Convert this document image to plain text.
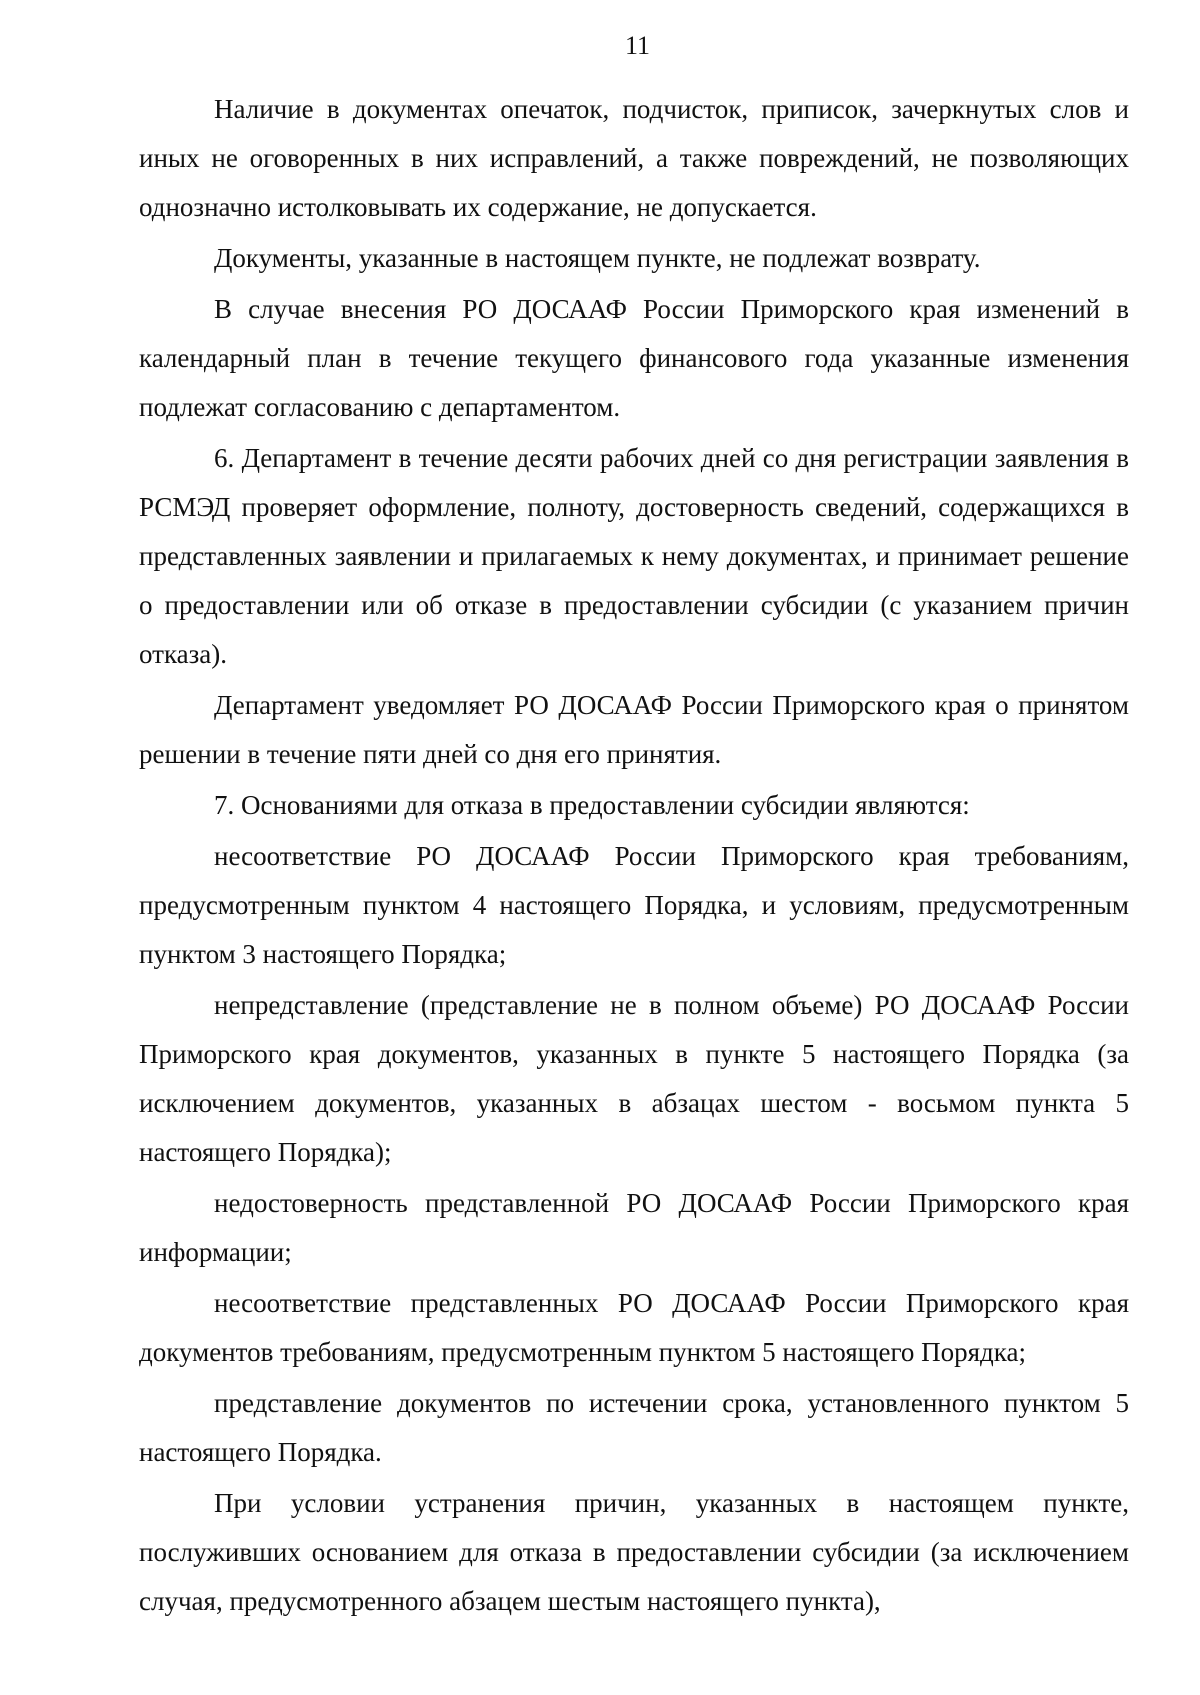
11

Наличие в документах опечаток, подчисток, приписок, зачеркнутых слов и иных не оговоренных в них исправлений, а также повреждений, не позволяющих однозначно истолковывать их содержание, не допускается.

Документы, указанные в настоящем пункте, не подлежат возврату.

В случае внесения РО ДОСААФ России Приморского края изменений в календарный план в течение текущего финансового года указанные изменения подлежат согласованию с департаментом.

6. Департамент в течение десяти рабочих дней со дня регистрации заявления в РСМЭД проверяет оформление, полноту, достоверность сведений, содержащихся в представленных заявлении и прилагаемых к нему документах, и принимает решение о предоставлении или об отказе в предоставлении субсидии (с указанием причин отказа).

Департамент уведомляет РО ДОСААФ России Приморского края о принятом решении в течение пяти дней со дня его принятия.

7. Основаниями для отказа в предоставлении субсидии являются:

несоответствие РО ДОСААФ России Приморского края требованиям, предусмотренным пунктом 4 настоящего Порядка, и условиям, предусмотренным пунктом 3 настоящего Порядка;

непредставление (представление не в полном объеме) РО ДОСААФ России Приморского края документов, указанных в пункте 5 настоящего Порядка (за исключением документов, указанных в абзацах шестом - восьмом пункта 5 настоящего Порядка);

недостоверность представленной РО ДОСААФ России Приморского края информации;

несоответствие представленных РО ДОСААФ России Приморского края документов требованиям, предусмотренным пунктом 5 настоящего Порядка;

представление документов по истечении срока, установленного пунктом 5 настоящего Порядка.

При условии устранения причин, указанных в настоящем пункте, послуживших основанием для отказа в предоставлении субсидии (за исключением случая, предусмотренного абзацем шестым настоящего пункта),
